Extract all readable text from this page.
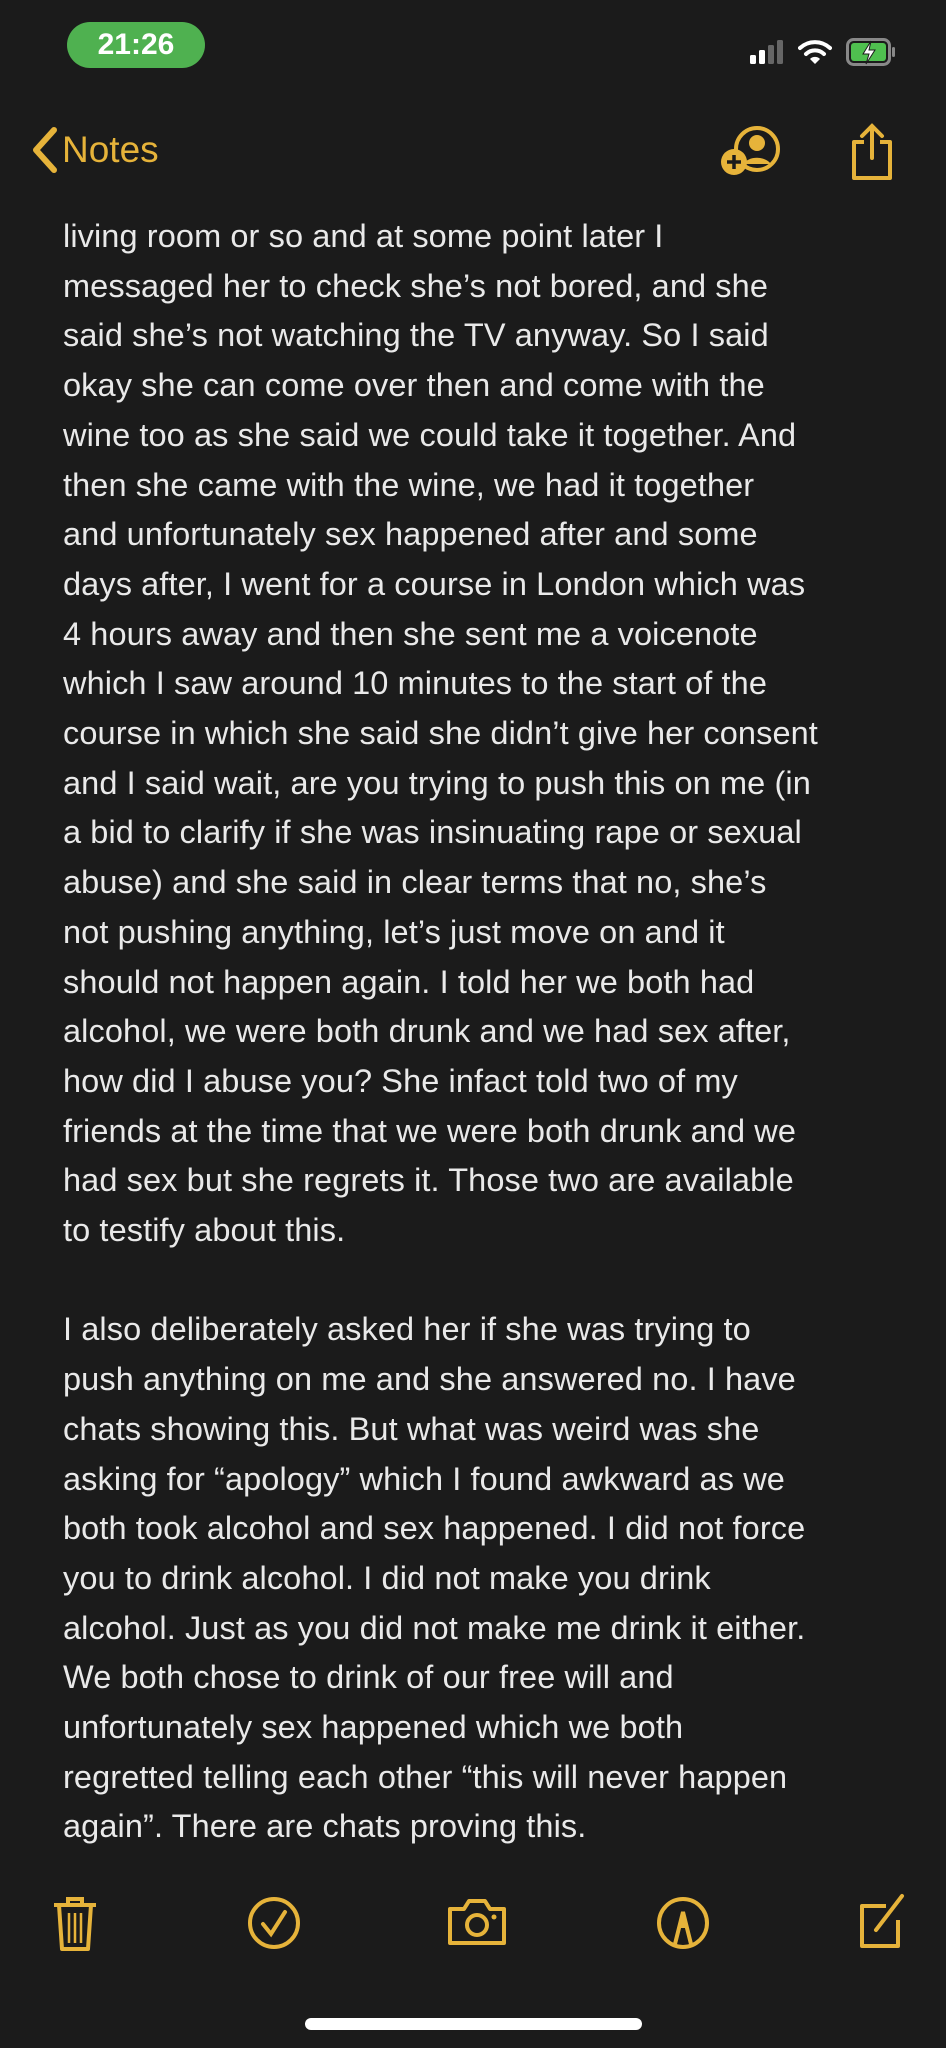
21:26
Notes
living room or so and at some point later I
messaged her to check she’s not bored, and she
said she’s not watching the TV anyway. So I said
okay she can come over then and come with the
wine too as she said we could take it together. And
then she came with the wine, we had it together
and unfortunately sex happened after and some
days after, I went for a course in London which was
4 hours away and then she sent me a voicenote
which I saw around 10 minutes to the start of the
course in which she said she didn’t give her consent
and I said wait, are you trying to push this on me (in
a bid to clarify if she was insinuating rape or sexual
abuse) and she said in clear terms that no, she’s
not pushing anything, let’s just move on and it
should not happen again. I told her we both had
alcohol, we were both drunk and we had sex after,
how did I abuse you? She infact told two of my
friends at the time that we were both drunk and we
had sex but she regrets it. Those two are available
to testify about this.
I also deliberately asked her if she was trying to
push anything on me and she answered no. I have
chats showing this. But what was weird was she
asking for “apology” which I found awkward as we
both took alcohol and sex happened. I did not force
you to drink alcohol. I did not make you drink
alcohol. Just as you did not make me drink it either.
We both chose to drink of our free will and
unfortunately sex happened which we both
regretted telling each other “this will never happen
again”. There are chats proving this.
